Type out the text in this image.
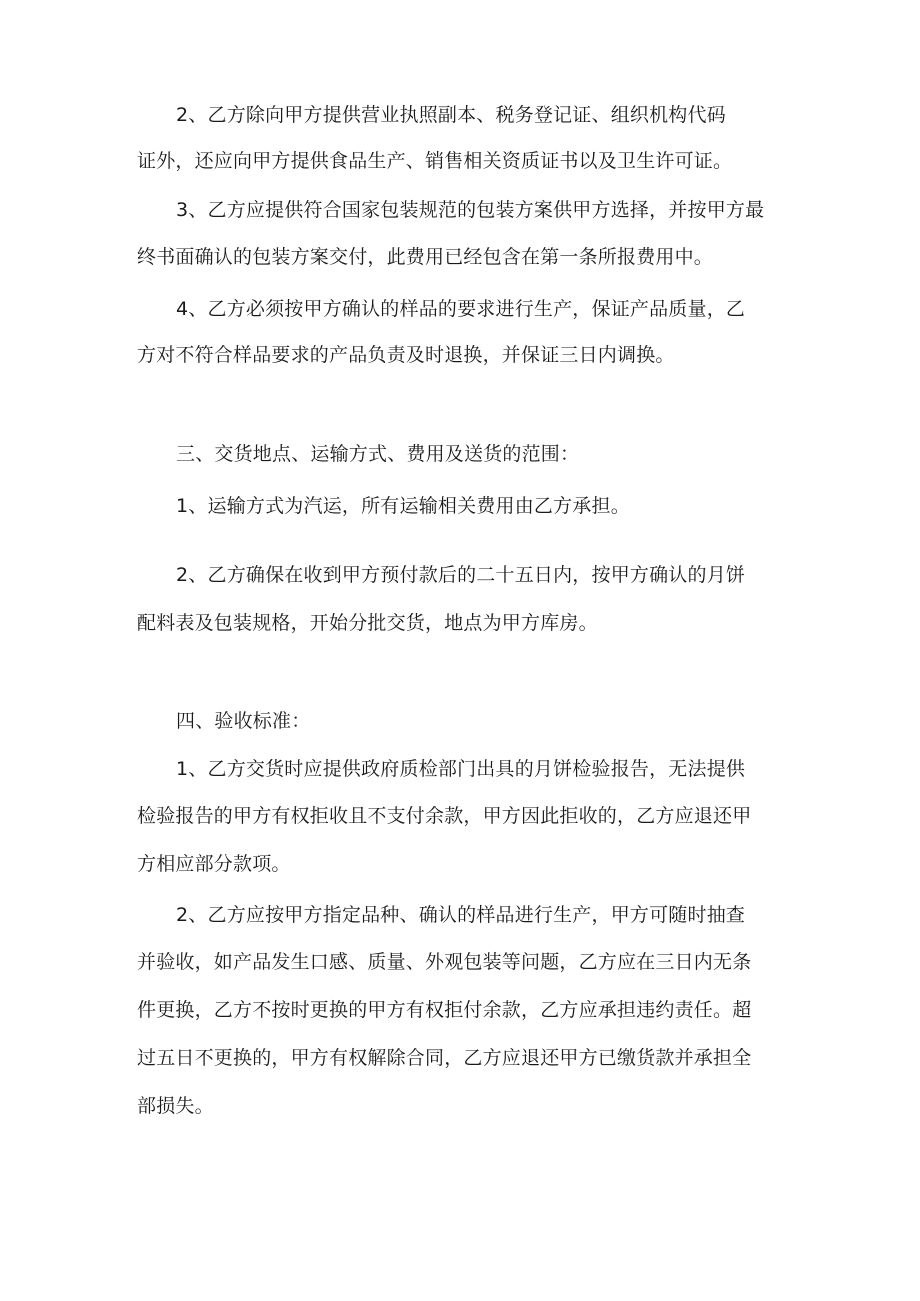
2、乙方除向甲方提供营业执照副本、税务登记证、组织机构代码
证外，还应向甲方提供食品生产、销售相关资质证书以及卫生许可证。
3、乙方应提供符合国家包装规范的包装方案供甲方选择，并按甲方最
终书面确认的包装方案交付，此费用已经包含在第一条所报费用中。
4、乙方必须按甲方确认的样品的要求进行生产，保证产品质量，乙
方对不符合样品要求的产品负责及时退换，并保证三日内调换。
三、交货地点、运输方式、费用及送货的范围：
1、运输方式为汽运，所有运输相关费用由乙方承担。
2、乙方确保在收到甲方预付款后的二十五日内，按甲方确认的月饼
配料表及包装规格，开始分批交货，地点为甲方库房。
四、验收标准：
1、乙方交货时应提供政府质检部门出具的月饼检验报告，无法提供
检验报告的甲方有权拒收且不支付余款，甲方因此拒收的，乙方应退还甲
方相应部分款项。
2、乙方应按甲方指定品种、确认的样品进行生产，甲方可随时抽查
并验收，如产品发生口感、质量、外观包装等问题，乙方应在三日内无条
件更换，乙方不按时更换的甲方有权拒付余款，乙方应承担违约责任。超
过五日不更换的，甲方有权解除合同，乙方应退还甲方已缴货款并承担全
部损失。
